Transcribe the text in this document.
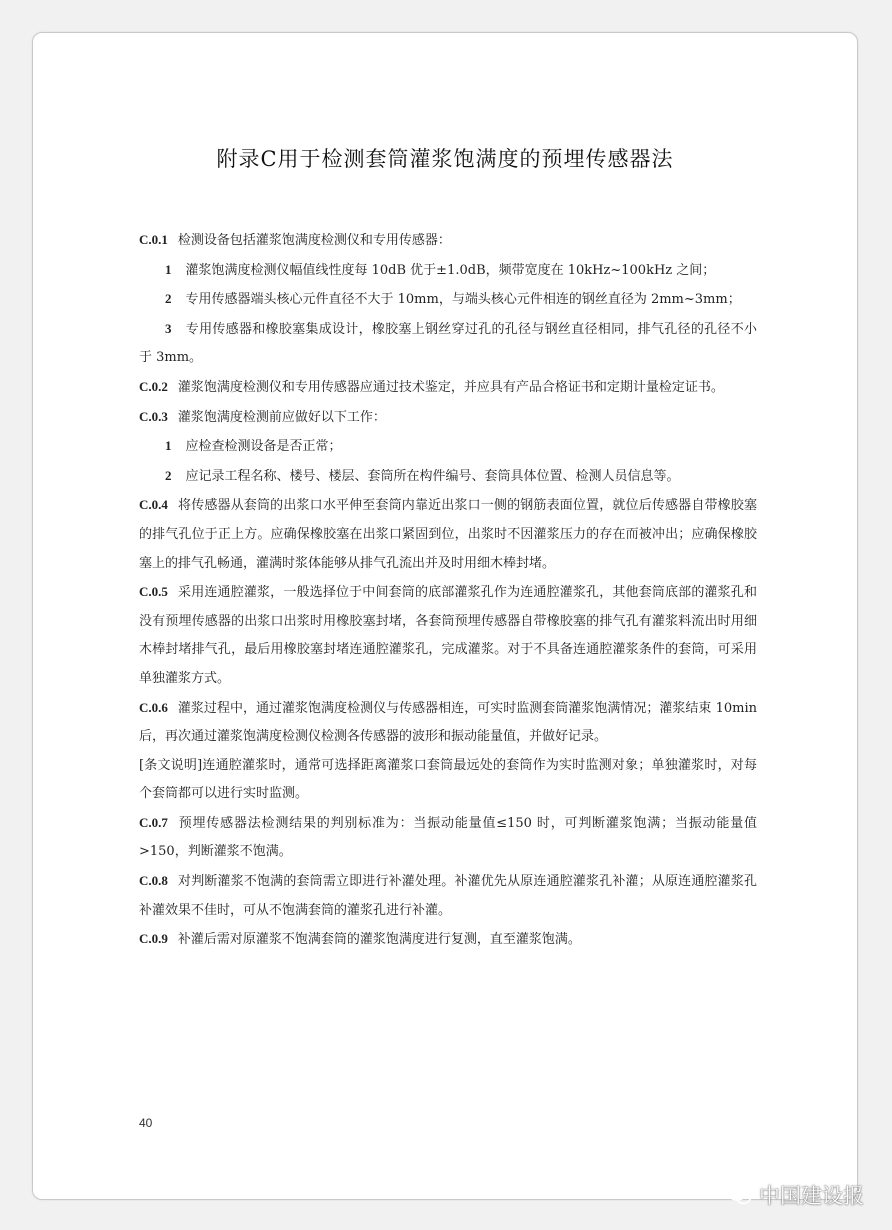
附录C用于检测套筒灌浆饱满度的预埋传感器法

C.0.1 检测设备包括灌浆饱满度检测仪和专用传感器：

1 灌浆饱满度检测仪幅值线性度每 10dB 优于±1.0dB，频带宽度在 10kHz~100kHz 之间；

2 专用传感器端头核心元件直径不大于 10mm，与端头核心元件相连的钢丝直径为 2mm~3mm；

3 专用传感器和橡胶塞集成设计，橡胶塞上钢丝穿过孔的孔径与钢丝直径相同，排气孔径的孔径不小于 3mm。

C.0.2 灌浆饱满度检测仪和专用传感器应通过技术鉴定，并应具有产品合格证书和定期计量检定证书。

C.0.3 灌浆饱满度检测前应做好以下工作：

1 应检查检测设备是否正常；

2 应记录工程名称、楼号、楼层、套筒所在构件编号、套筒具体位置、检测人员信息等。

C.0.4 将传感器从套筒的出浆口水平伸至套筒内靠近出浆口一侧的钢筋表面位置，就位后传感器自带橡胶塞的排气孔位于正上方。应确保橡胶塞在出浆口紧固到位，出浆时不因灌浆压力的存在而被冲出；应确保橡胶塞上的排气孔畅通，灌满时浆体能够从排气孔流出并及时用细木棒封堵。

C.0.5 采用连通腔灌浆，一般选择位于中间套筒的底部灌浆孔作为连通腔灌浆孔，其他套筒底部的灌浆孔和没有预埋传感器的出浆口出浆时用橡胶塞封堵，各套筒预埋传感器自带橡胶塞的排气孔有灌浆料流出时用细木棒封堵排气孔，最后用橡胶塞封堵连通腔灌浆孔，完成灌浆。对于不具备连通腔灌浆条件的套筒，可采用单独灌浆方式。

C.0.6 灌浆过程中，通过灌浆饱满度检测仪与传感器相连，可实时监测套筒灌浆饱满情况；灌浆结束 10min 后，再次通过灌浆饱满度检测仪检测各传感器的波形和振动能量值，并做好记录。

[条文说明]连通腔灌浆时，通常可选择距离灌浆口套筒最远处的套筒作为实时监测对象；单独灌浆时，对每个套筒都可以进行实时监测。

C.0.7 预埋传感器法检测结果的判别标准为：当振动能量值≤150 时，可判断灌浆饱满；当振动能量值>150，判断灌浆不饱满。

C.0.8 对判断灌浆不饱满的套筒需立即进行补灌处理。补灌优先从原连通腔灌浆孔补灌；从原连通腔灌浆孔补灌效果不佳时，可从不饱满套筒的灌浆孔进行补灌。

C.0.9 补灌后需对原灌浆不饱满套筒的灌浆饱满度进行复测，直至灌浆饱满。

40
中国建设报
